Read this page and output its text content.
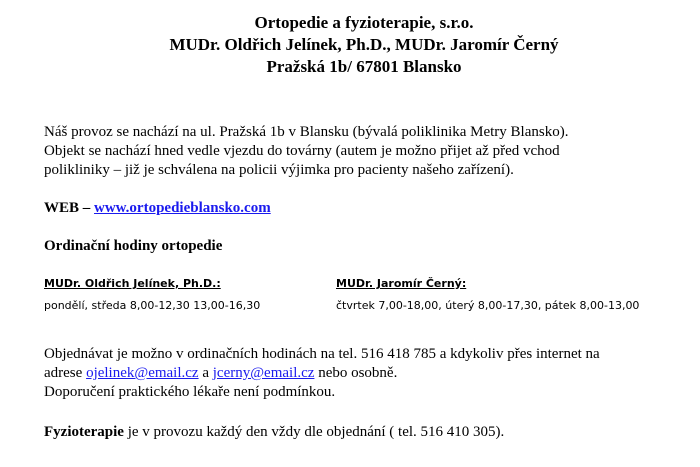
Ortopedie a fyzioterapie, s.r.o.
MUDr. Oldřich Jelínek, Ph.D., MUDr. Jaromír Černý
Pražská 1b/ 67801 Blansko
Náš provoz se nachází na ul. Pražská 1b v Blansku (bývalá poliklinika Metry Blansko).
Objekt se nachází hned vedle vjezdu do továrny (autem je možno přijet až před vchod
polikliniky – již je schválena na policii výjimka pro pacienty našeho zařízení).
WEB – www.ortopedieblansko.com
Ordinační hodiny ortopedie
MUDr. Oldřich Jelínek, Ph.D.:
pondělí, středa 8,00-12,30 13,00-16,30
MUDr. Jaromír Černý:
čtvrtek 7,00-18,00, úterý 8,00-17,30, pátek 8,00-13,00
Objednávat je možno v ordinačních hodinách na tel. 516 418 785 a kdykoliv přes internet na
adrese ojelinek@email.cz a jcerny@email.cz nebo osobně.
Doporučení praktického lékaře není podmínkou.
Fyzioterapie je v provozu každý den vždy dle objednání ( tel. 516 410 305).
